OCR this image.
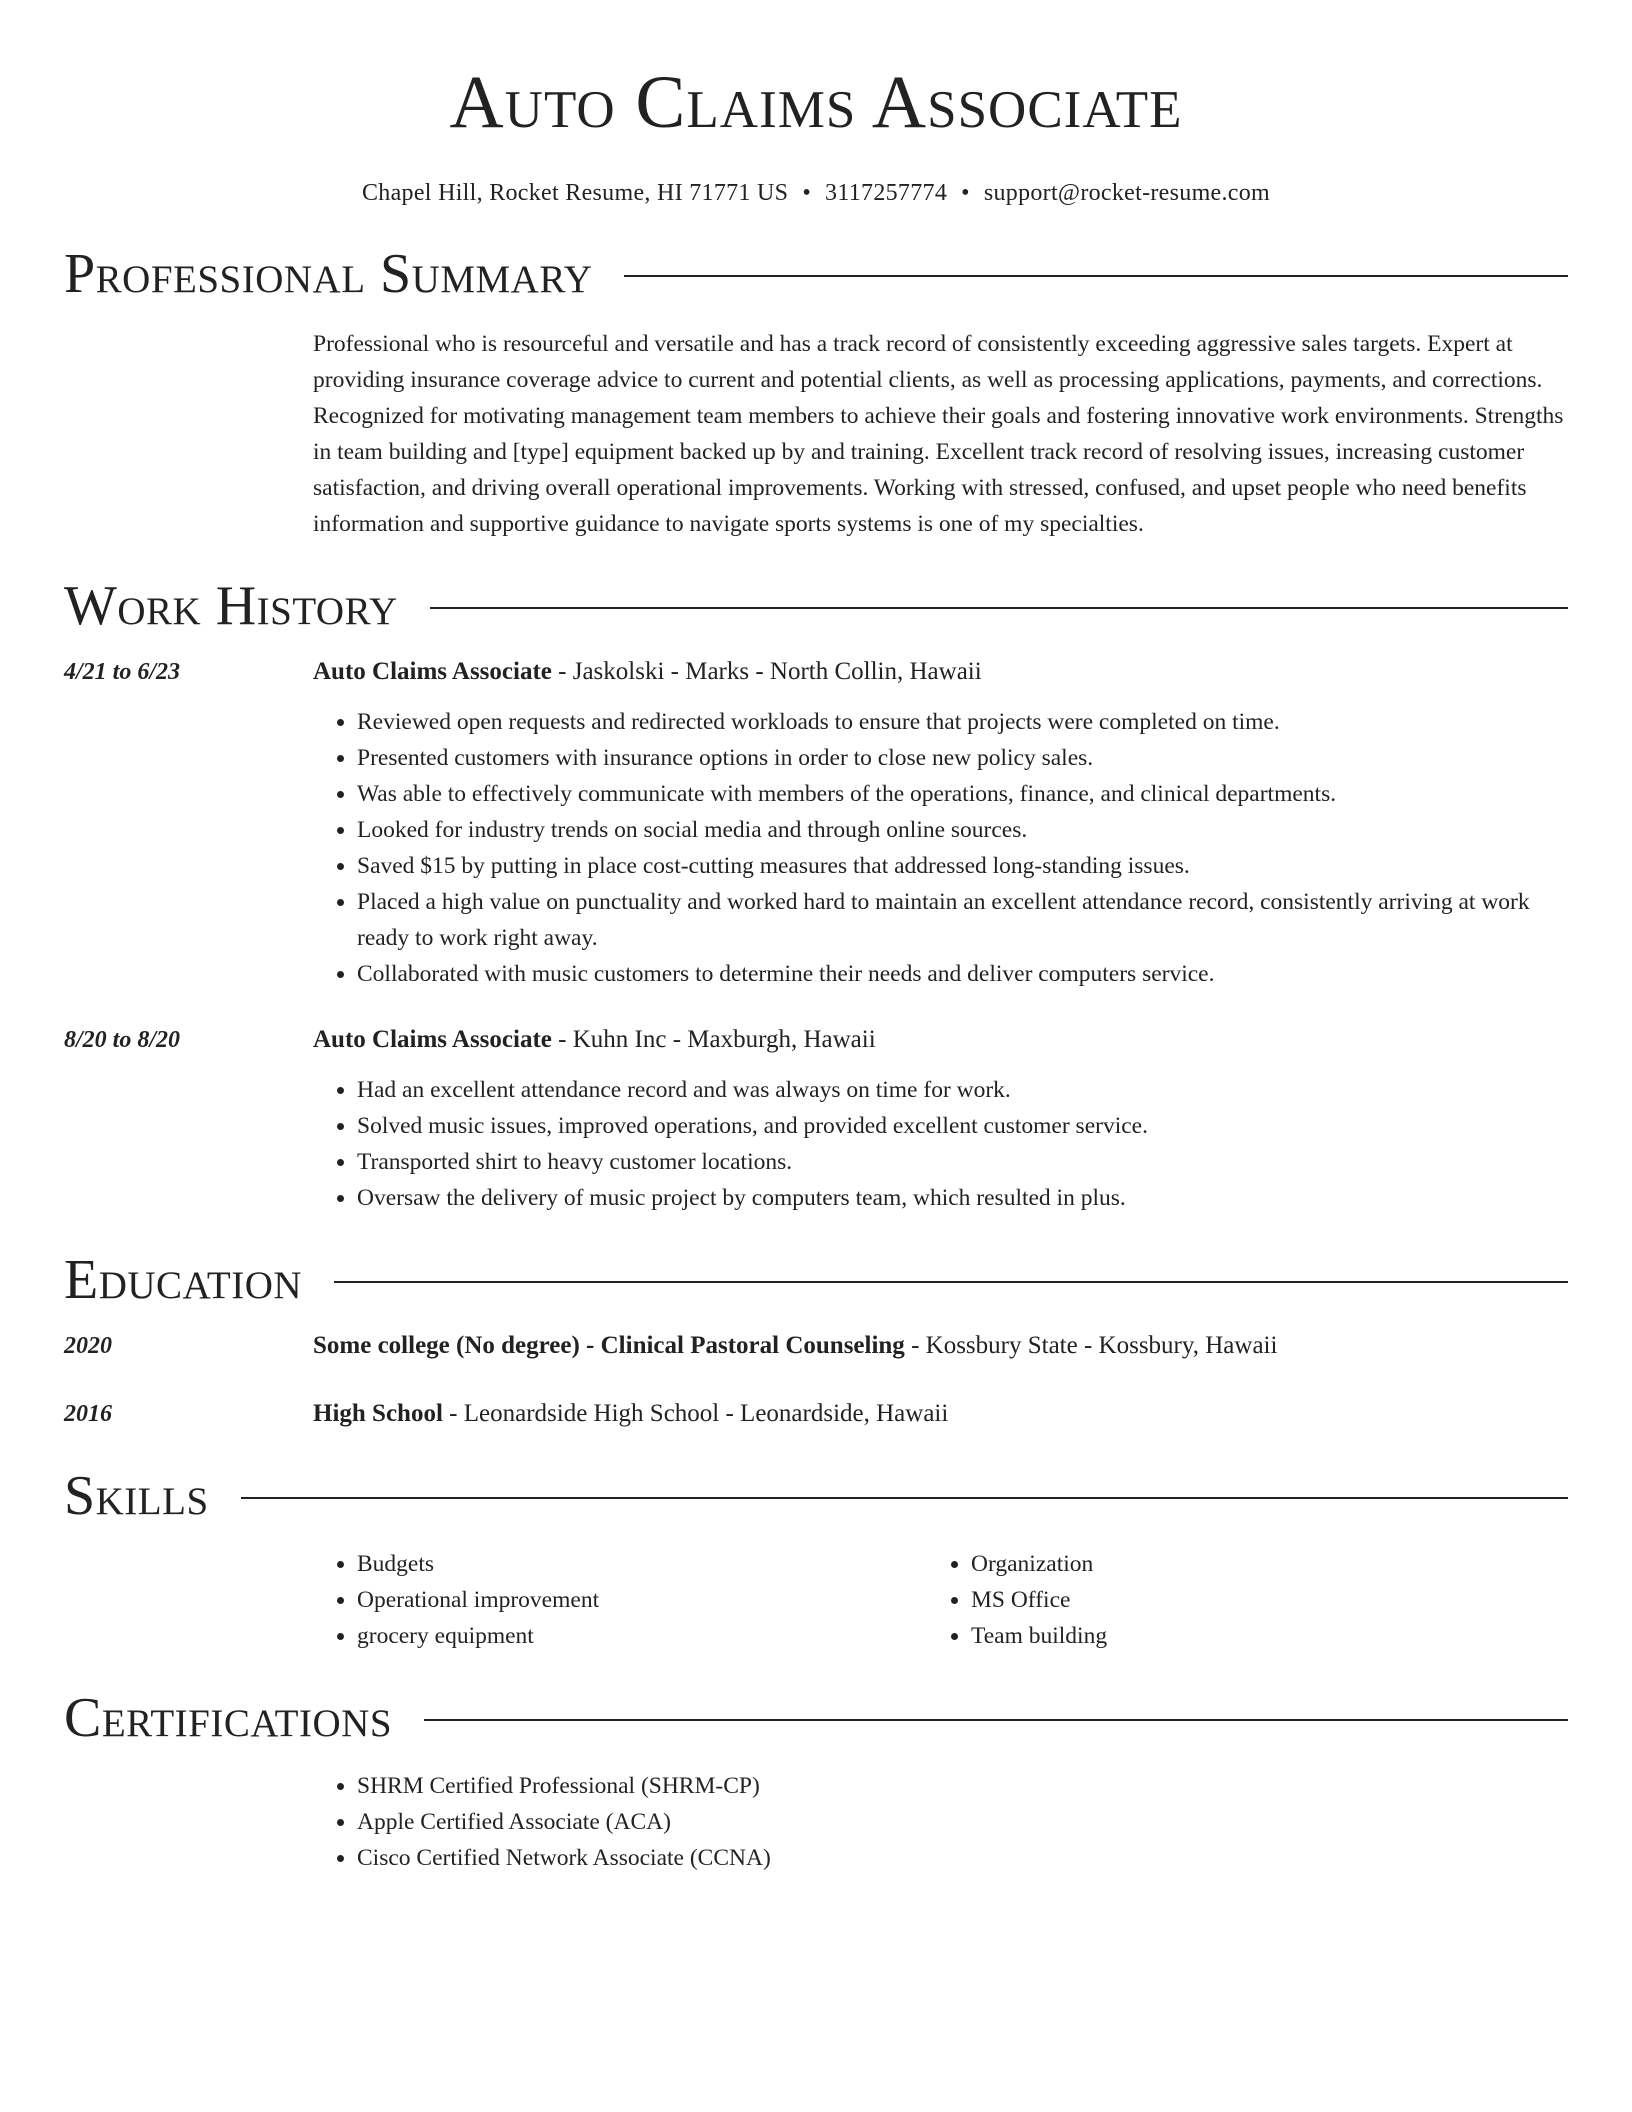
Auto Claims Associate
Chapel Hill, Rocket Resume, HI 71771 US • 3117257774 • support@rocket-resume.com
Professional Summary

Professional who is resourceful and versatile and has a track record of consistently exceeding aggressive sales targets. Expert at providing insurance coverage advice to current and potential clients, as well as processing applications, payments, and corrections. Recognized for motivating management team members to achieve their goals and fostering innovative work environments. Strengths in team building and [type] equipment backed up by and training. Excellent track record of resolving issues, increasing customer satisfaction, and driving overall operational improvements. Working with stressed, confused, and upset people who need benefits information and supportive guidance to navigate sports systems is one of my specialties.

Work History
4/21 to 6/23	Auto Claims Associate - Jaskolski - Marks - North Collin, Hawaii
• Reviewed open requests and redirected workloads to ensure that projects were completed on time.
• Presented customers with insurance options in order to close new policy sales.
• Was able to effectively communicate with members of the operations, finance, and clinical departments.
• Looked for industry trends on social media and through online sources.
• Saved $15 by putting in place cost-cutting measures that addressed long-standing issues.
• Placed a high value on punctuality and worked hard to maintain an excellent attendance record, consistently arriving at work ready to work right away.
• Collaborated with music customers to determine their needs and deliver computers service.
8/20 to 8/20	Auto Claims Associate - Kuhn Inc - Maxburgh, Hawaii
• Had an excellent attendance record and was always on time for work.
• Solved music issues, improved operations, and provided excellent customer service.
• Transported shirt to heavy customer locations.
• Oversaw the delivery of music project by computers team, which resulted in plus.
Education
2020	Some college (No degree) - Clinical Pastoral Counseling - Kossbury State - Kossbury, Hawaii
2016	High School - Leonardside High School - Leonardside, Hawaii
Skills
• Budgets
• Operational improvement
• grocery equipment
• Organization
• MS Office
• Team building
Certifications
• SHRM Certified Professional (SHRM-CP)
• Apple Certified Associate (ACA)
• Cisco Certified Network Associate (CCNA)
